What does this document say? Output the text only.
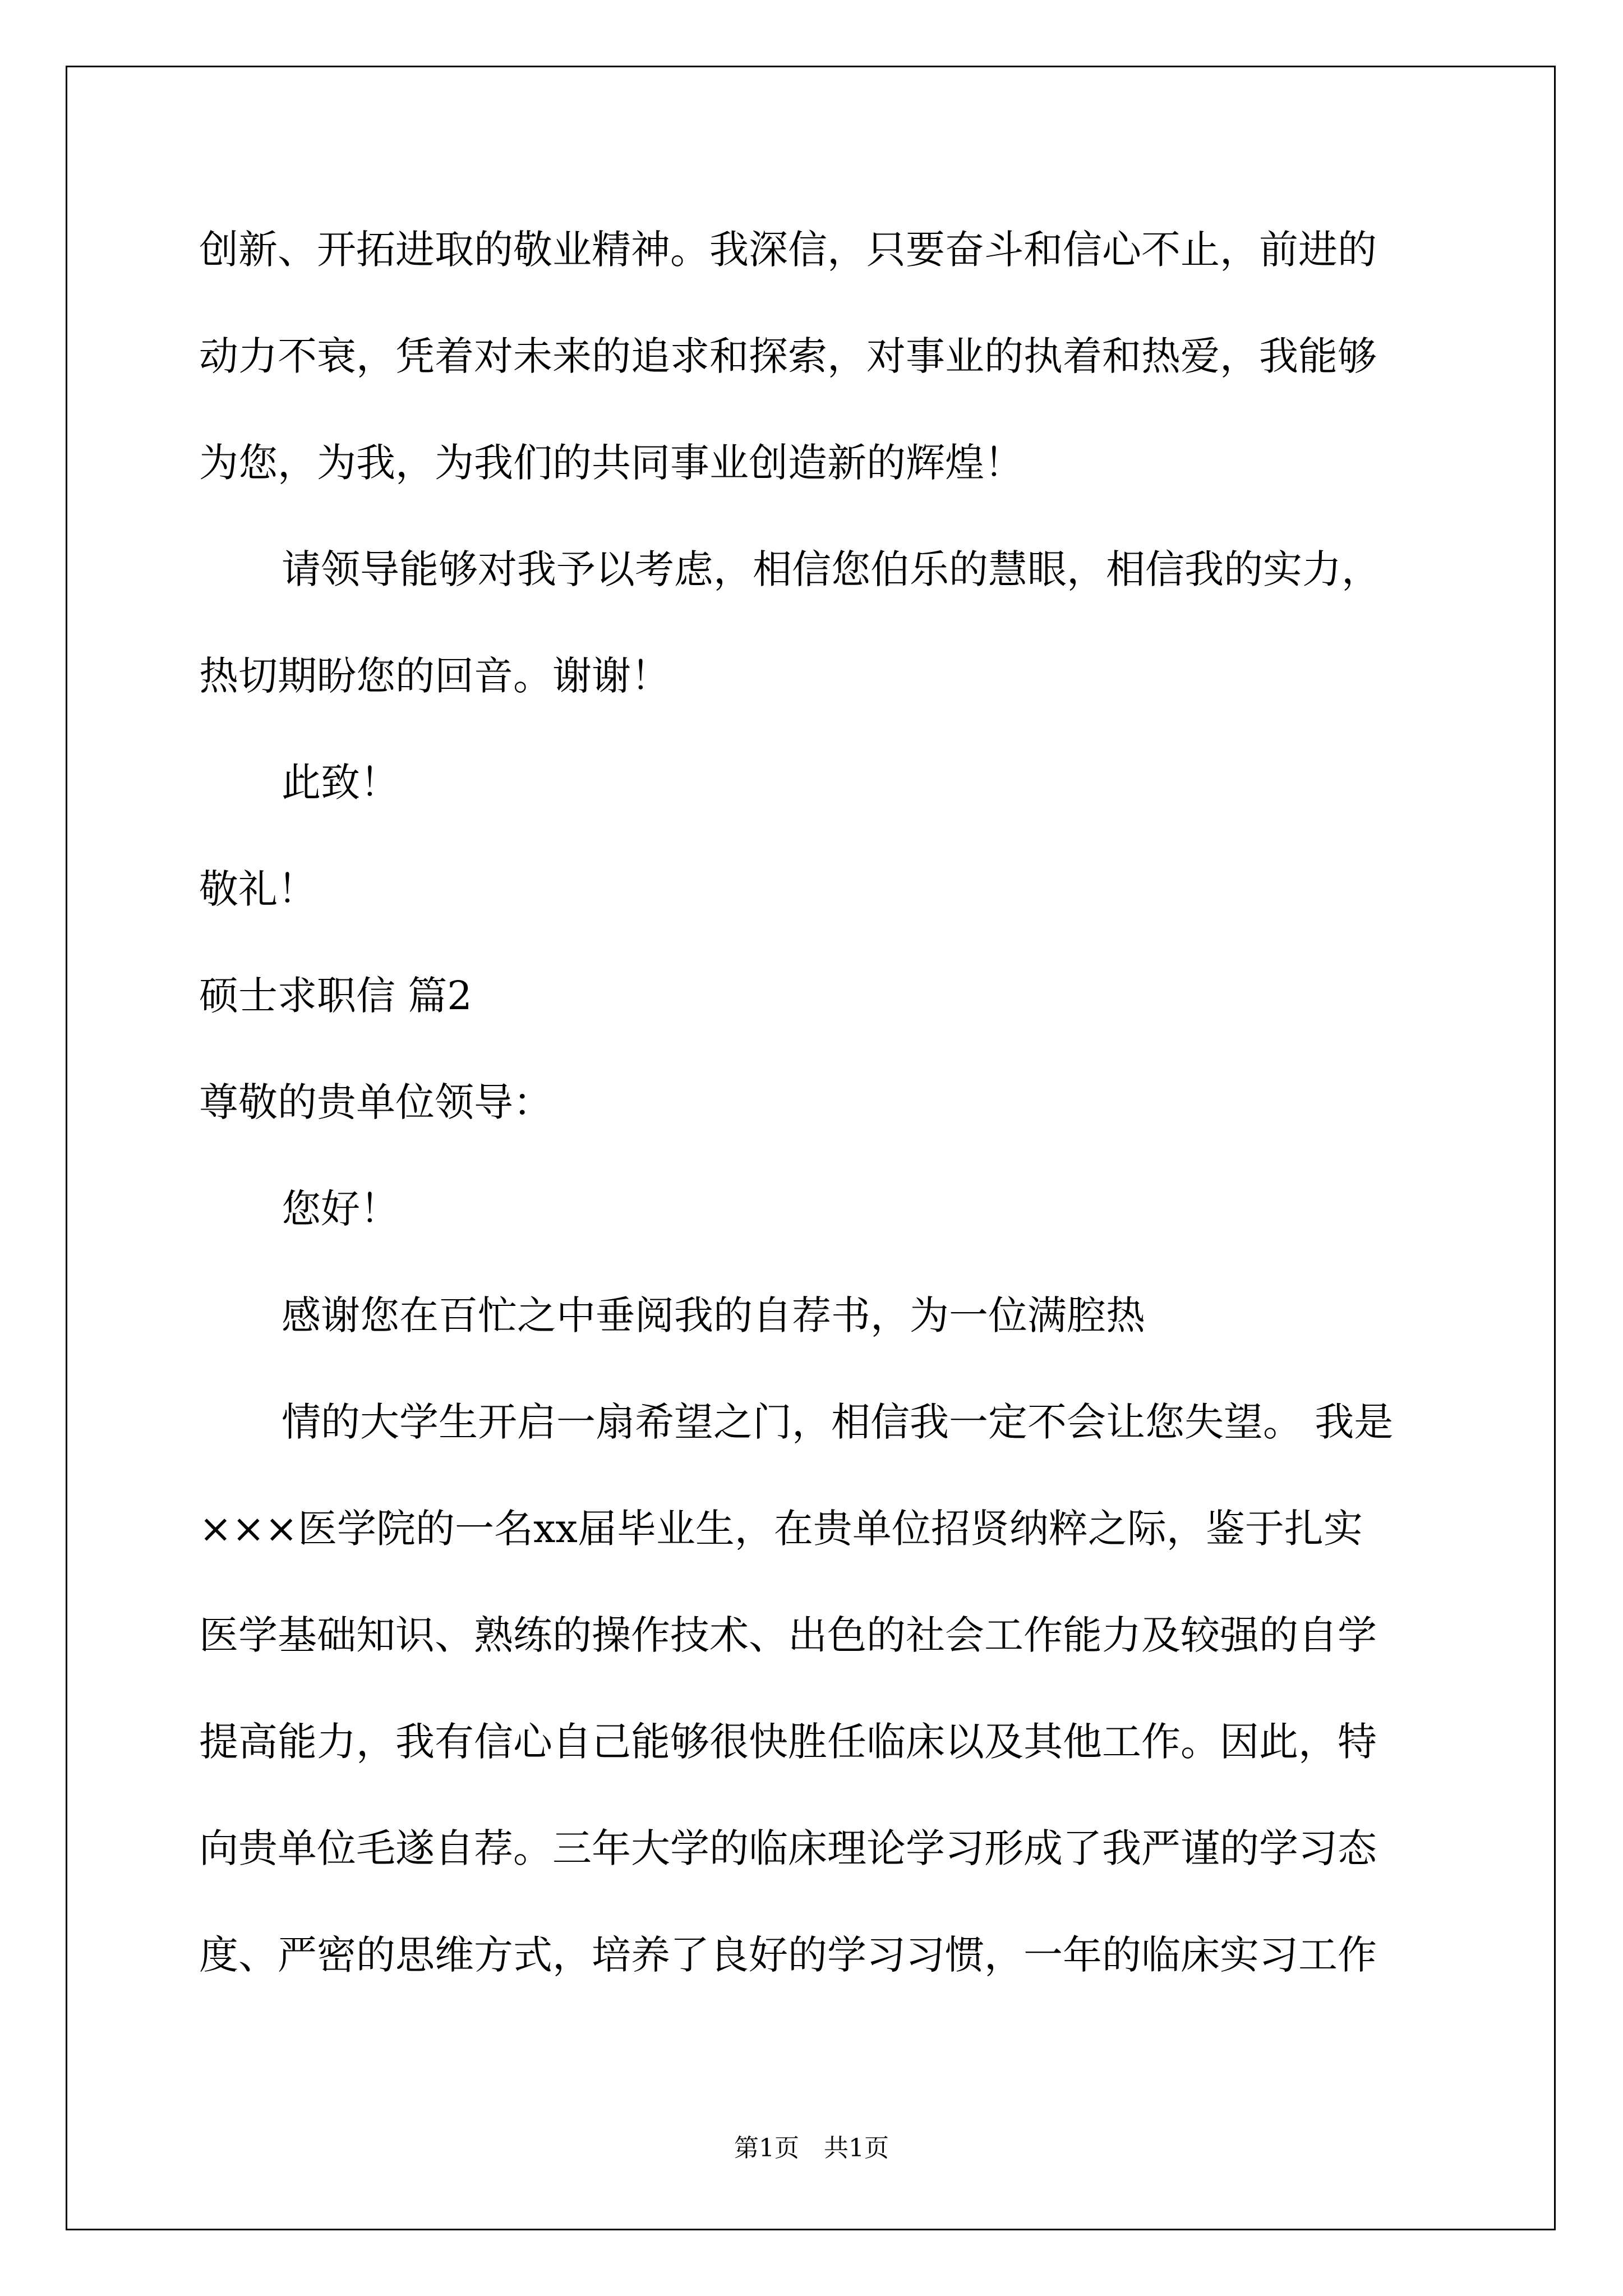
创新、开拓进取的敬业精神。我深信，只要奋斗和信心不止，前进的

动力不衰，凭着对未来的追求和探索，对事业的执着和热爱，我能够

为您，为我，为我们的共同事业创造新的辉煌！

请领导能够对我予以考虑，相信您伯乐的慧眼，相信我的实力，

热切期盼您的回音。谢谢！

此致！

敬礼！

硕士求职信 篇2

尊敬的贵单位领导：

您好！

感谢您在百忙之中垂阅我的自荐书，为一位满腔热

情的大学生开启一扇希望之门，相信我一定不会让您失望。 我是

×××医学院的一名xx届毕业生，在贵单位招贤纳粹之际，鉴于扎实

医学基础知识、熟练的操作技术、出色的社会工作能力及较强的自学

提高能力，我有信心自己能够很快胜任临床以及其他工作。因此，特

向贵单位毛遂自荐。三年大学的临床理论学习形成了我严谨的学习态

度、严密的思维方式，培养了良好的学习习惯，一年的临床实习工作

第1页　共1页
